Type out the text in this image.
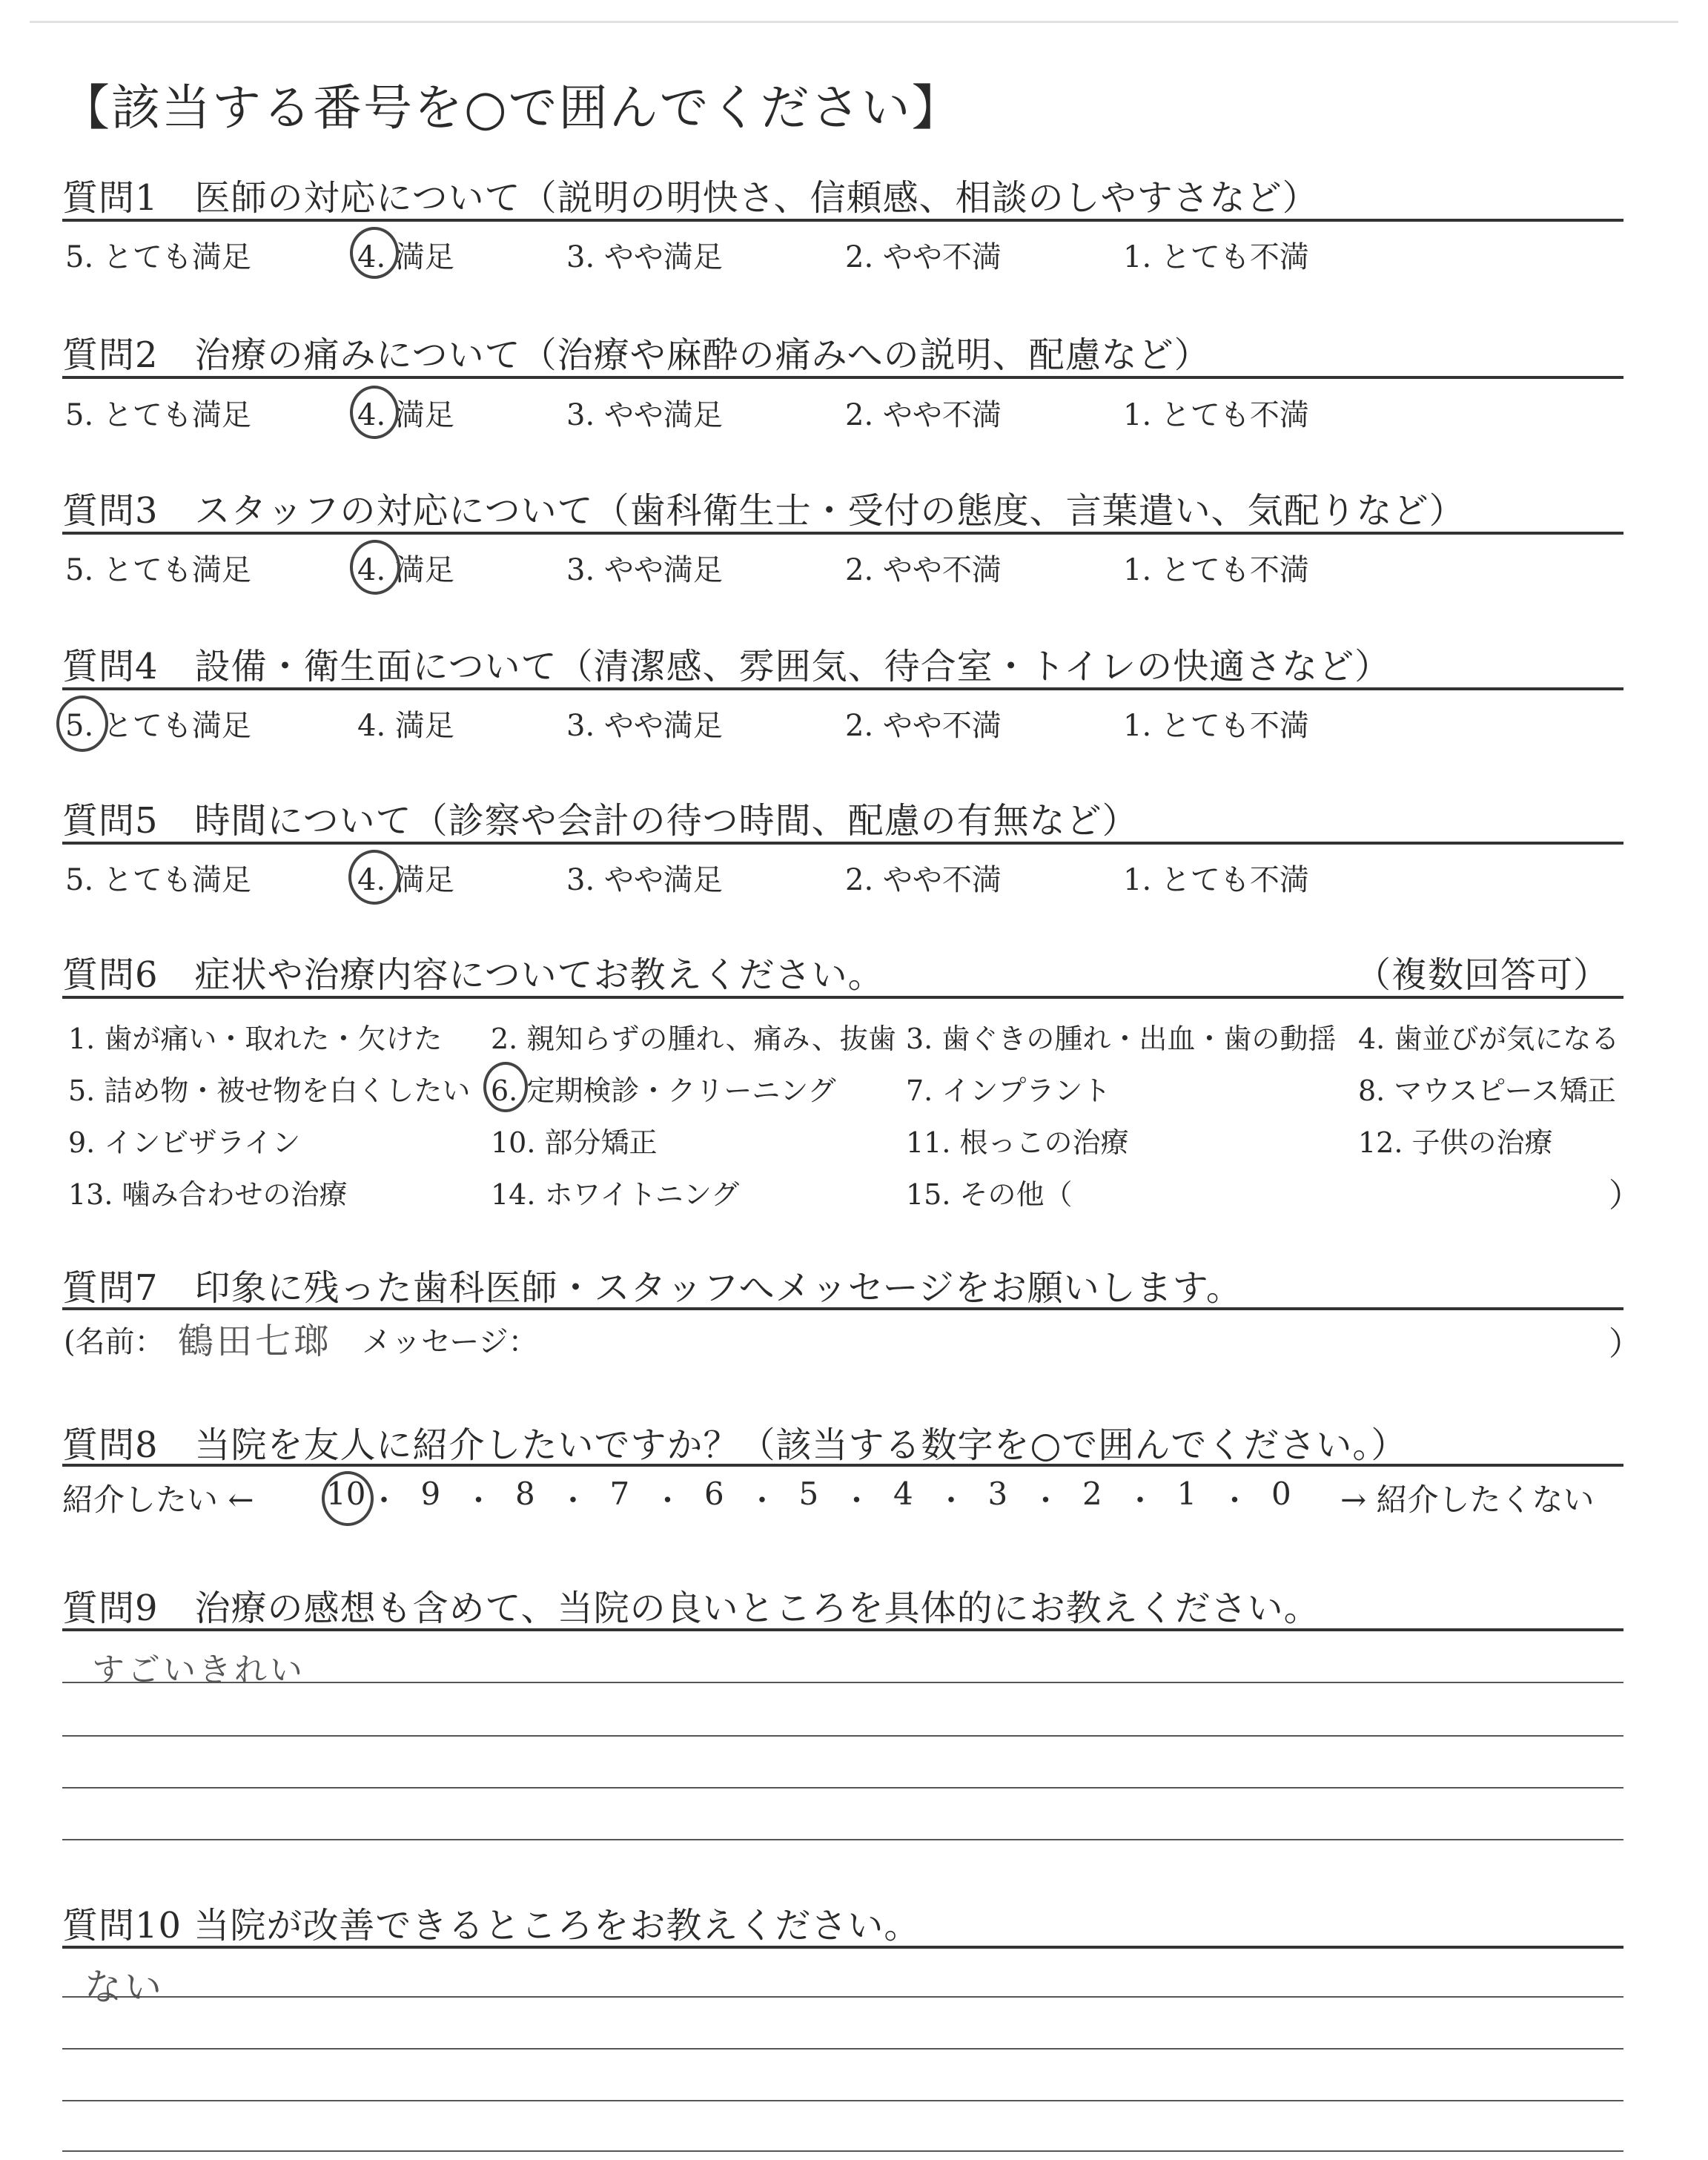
【該当する番号を○で囲んでください】
質問1　医師の対応について（説明の明快さ、信頼感、相談のしやすさなど）
5. とても満足	4. 満足	3. やや満足	2. やや不満	1. とても不満
質問2　治療の痛みについて（治療や麻酔の痛みへの説明、配慮など）
5. とても満足	4. 満足	3. やや満足	2. やや不満	1. とても不満
質問3　スタッフの対応について（歯科衛生士・受付の態度、言葉遣い、気配りなど）
5. とても満足	4. 満足	3. やや満足	2. やや不満	1. とても不満
質問4　設備・衛生面について（清潔感、雰囲気、待合室・トイレの快適さなど）
5. とても満足	4. 満足	3. やや満足	2. やや不満	1. とても不満
質問5　時間について（診察や会計の待つ時間、配慮の有無など）
5. とても満足	4. 満足	3. やや満足	2. やや不満	1. とても不満
質問6　症状や治療内容についてお教えください。	（複数回答可）
1. 歯が痛い・取れた・欠けた 2. 親知らずの腫れ、痛み、抜歯 3. 歯ぐきの腫れ・出血・歯の動揺 4. 歯並びが気になる
5. 詰め物・被せ物を白くしたい 6. 定期検診・クリーニング 7. インプラント	8. マウスピース矯正
9. インビザライン	10. 部分矯正	11. 根っこの治療	12. 子供の治療
13. 噛み合わせの治療	14. ホワイトニング	15. その他（	）
質問7　印象に残った歯科医師・スタッフへメッセージをお願いします。
(名前： 鶴田七瑯 メッセージ：	）
質問8　当院を友人に紹介したいですか？（該当する数字を○で囲んでください。）
紹介したい ←	→ 紹介したくない
10 ・ 9 ・ 8 ・ 7 ・ 6 ・ 5 ・ 4 ・ 3 ・ 2 ・ 1 ・ 0
質問9　治療の感想も含めて、当院の良いところを具体的にお教えください。
すごいきれい
質問10 当院が改善できるところをお教えください。
ない
